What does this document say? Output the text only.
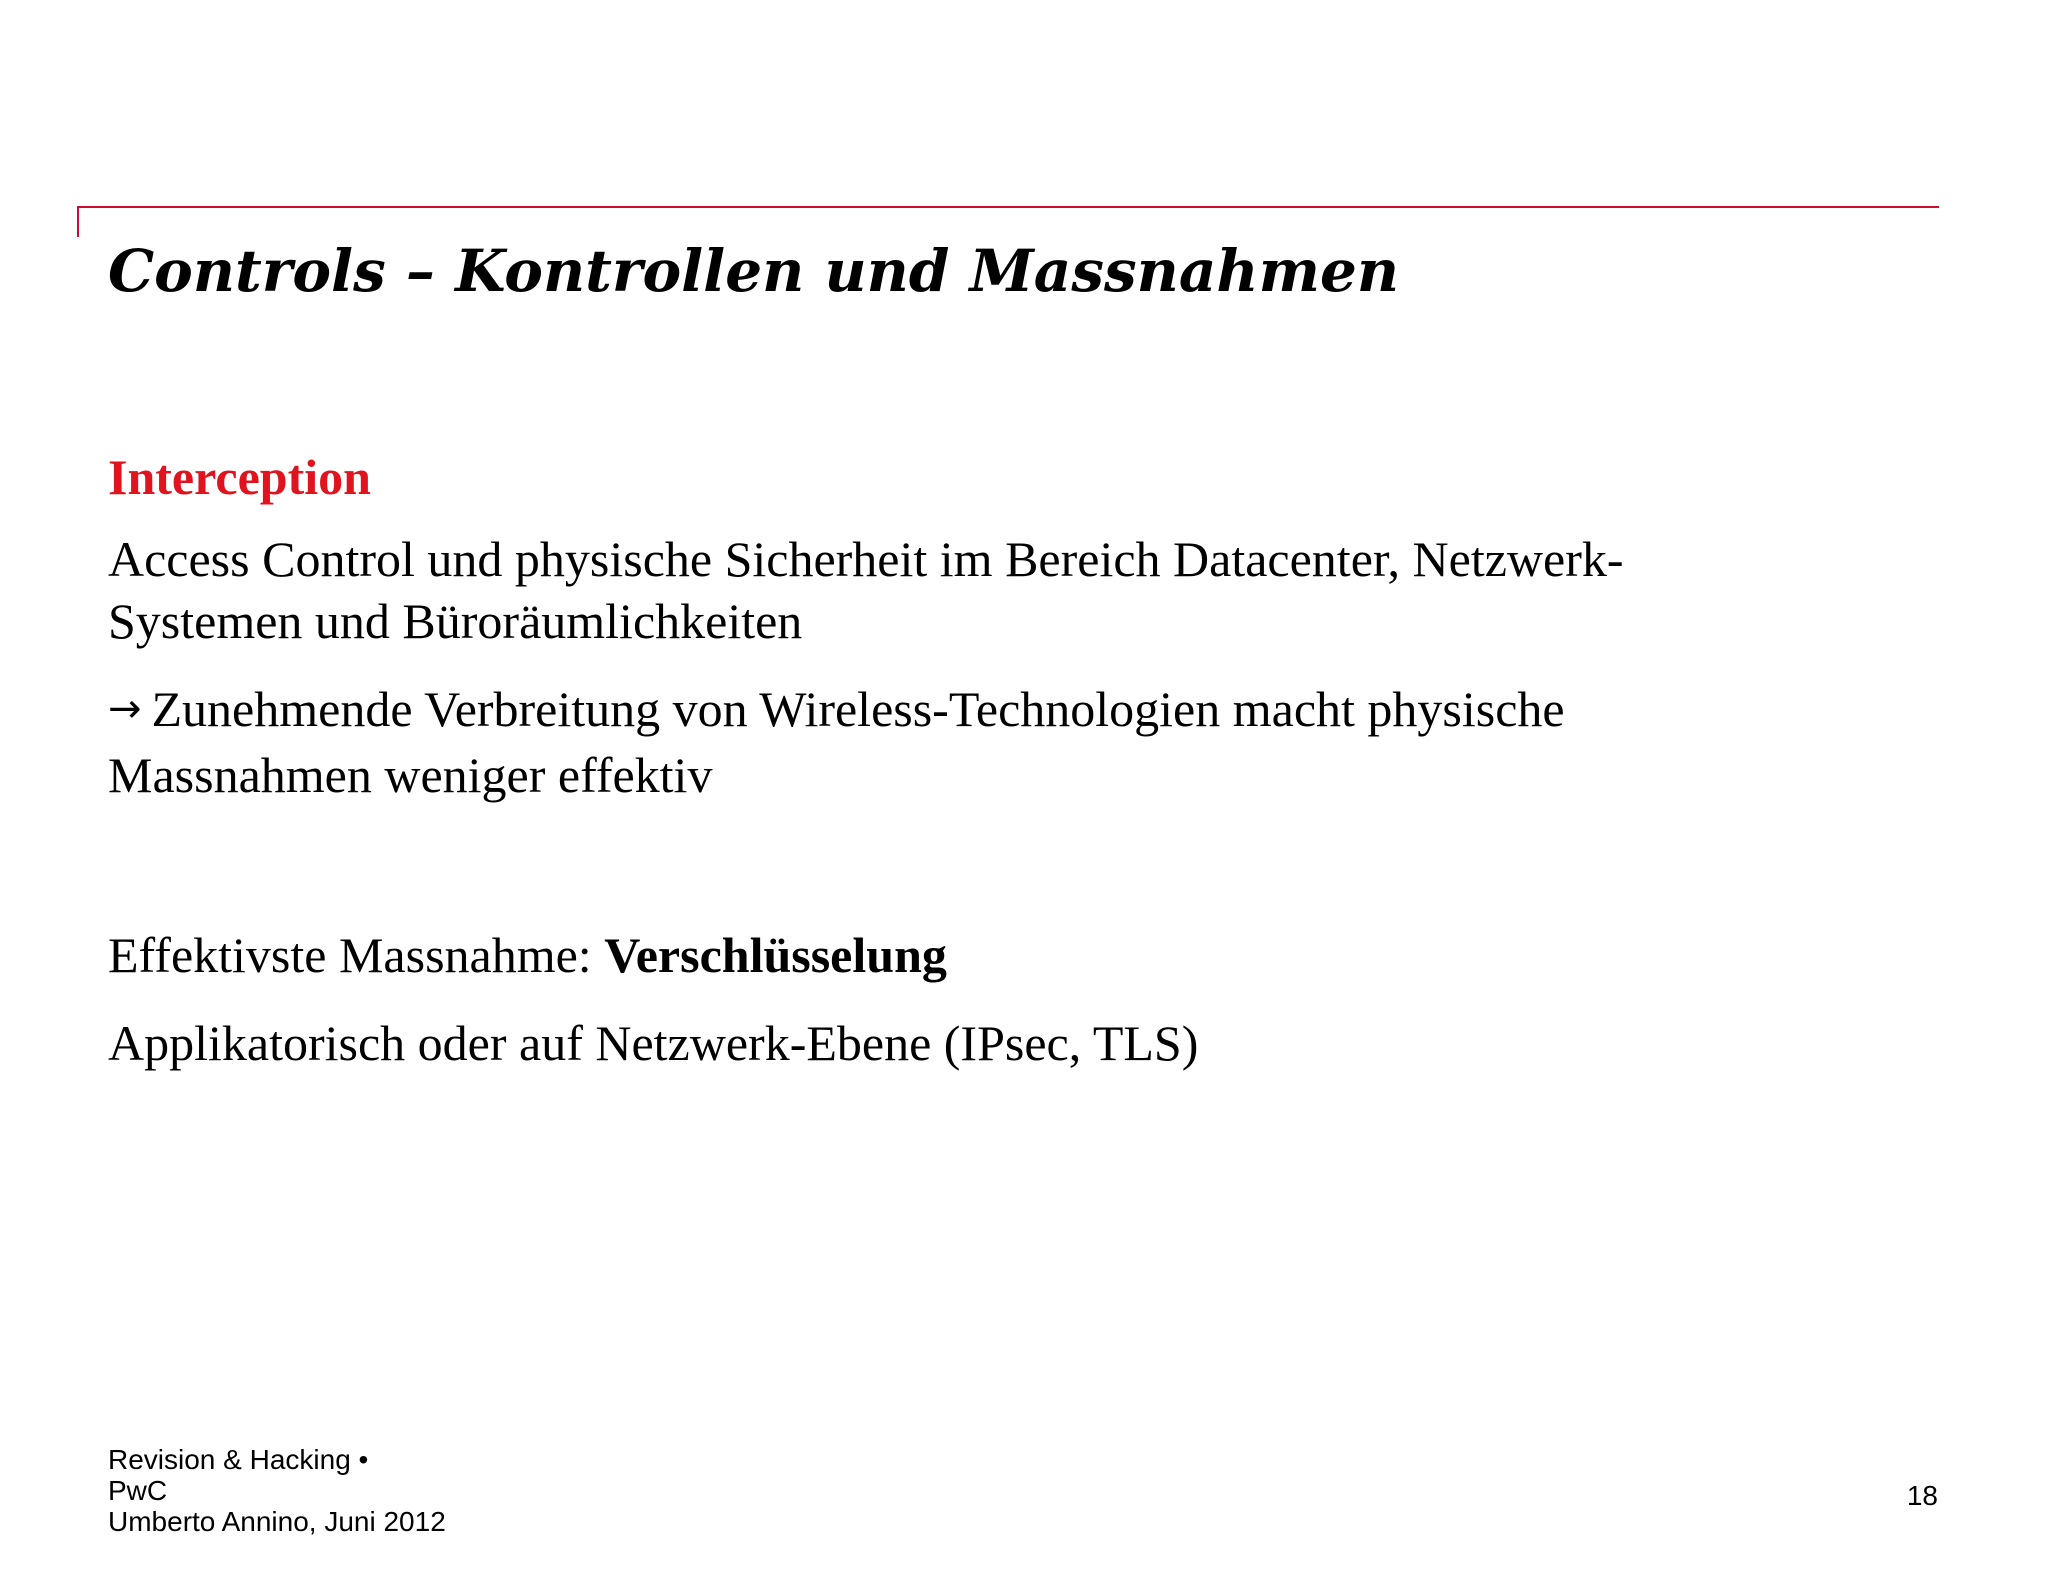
Controls – Kontrollen und Massnahmen

Interception

Access Control und physische Sicherheit im Bereich Datacenter, Netzwerk-
Systemen und Büroräumlichkeiten

→ Zunehmende Verbreitung von Wireless-Technologien macht physische
Massnahmen weniger effektiv

Effektivste Massnahme: Verschlüsselung

Applikatorisch oder auf Netzwerk-Ebene (IPsec, TLS)

Revision & Hacking •
PwC
Umberto Annino, Juni 2012
18
